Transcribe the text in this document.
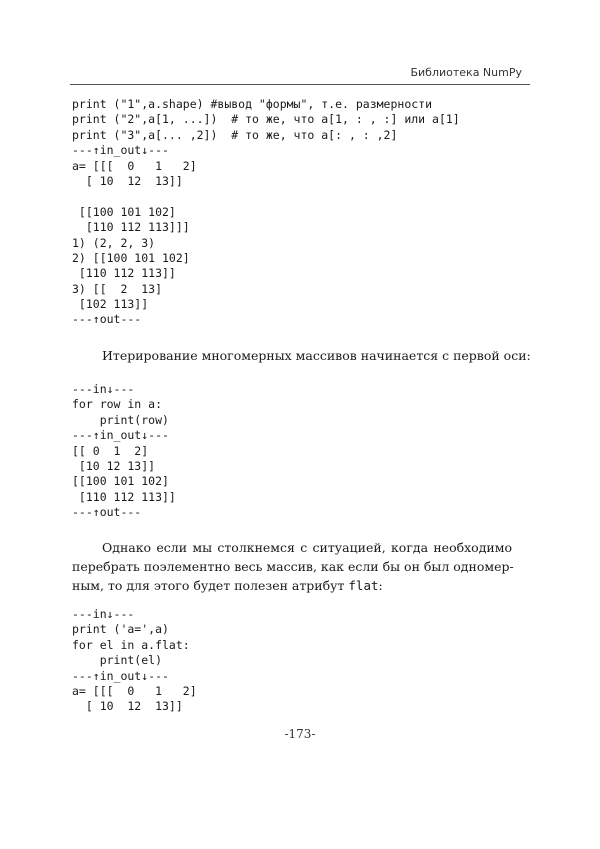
Библиотека NumPy
print ("1",a.shape) #вывод "формы", т.е. размерности
print ("2",a[1, ...])  # то же, что a[1, : , :] или a[1]
print ("3",a[... ,2])  # то же, что a[: , : ,2]
---↑in_out↓---
a= [[[  0   1   2]
[ 10  12  13]]
[[100 101 102]
[110 112 113]]]
1) (2, 2, 3)
2) [[100 101 102]
[110 112 113]]
3) [[  2  13]
[102 113]]
---↑out---
Итерирование многомерных массивов начинается с первой оси:
---in↓---
for row in a:
print(row)
---↑in_out↓---
[[ 0  1  2]
[10 12 13]]
[[100 101 102]
[110 112 113]]
---↑out---
Однако если мы столкнемся с ситуацией, когда необходимо
перебрать поэлементно весь массив, как если бы он был одномер-
ным, то для этого будет полезен атрибут flat:
---in↓---
print ('a=',a)
for el in a.flat:
print(el)
---↑in_out↓---
a= [[[  0   1   2]
[ 10  12  13]]
-173-
